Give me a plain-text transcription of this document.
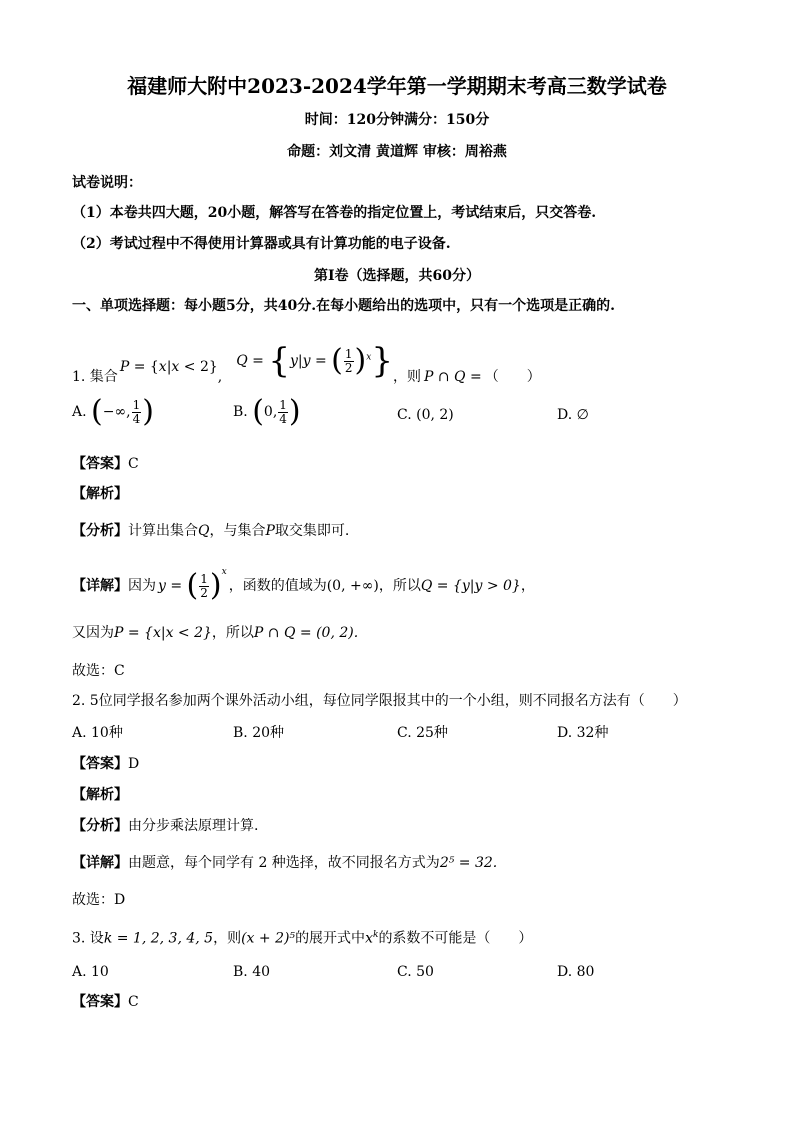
福建师大附中2023-2024学年第一学期期末考高三数学试卷
时间：120分钟满分：150分
命题：刘文清 黄道辉 审核：周裕燕
试卷说明：
（1）本卷共四大题，20小题，解答写在答卷的指定位置上，考试结束后，只交答卷.
（2）考试过程中不得使用计算器或具有计算功能的电子设备.
第Ⅰ卷（选择题，共60分）
一、单项选择题：每小题5分，共40分.在每小题给出的选项中，只有一个选项是正确的.
1. 集合
P = {x|x < 2}
,
Q = {y|y = ( $\frac{1}{2} )^x$} ，则 P ∩ Q = （　　）
A. (−∞, $\frac{1}{4}$ )	B. (0, $\frac{1}{4}$ )	C. (0, 2)	D. ∅
【答案】C
【解析】
【分析】计算出集合Q，与集合P取交集即可.
【详解】 因为 y = ( $\frac{1}{2} )^x$
，函数的值域为 (0, +∞) ，所以 Q = {y|y > 0} ，
又因为P = {x|x < 2}，所以P ∩ Q = (0, 2).
故选：C
2. 5位同学报名参加两个课外活动小组，每位同学限报其中的一个小组，则不同报名方法有（　　）
A. 10种	B. 20种	C. 25种	D. 32种
【答案】D
【解析】
【分析】由分步乘法原理计算.
【详解】由题意，每个同学有 2 种选择，故不同报名方式为2⁵ = 32.
故选：D
3. 设k = 1, 2, 3, 4, 5，则(x + 2)⁵的展开式中$x^k$的系数不可能是（　　）
A. 10	B. 40	C. 50	D. 80
【答案】C
